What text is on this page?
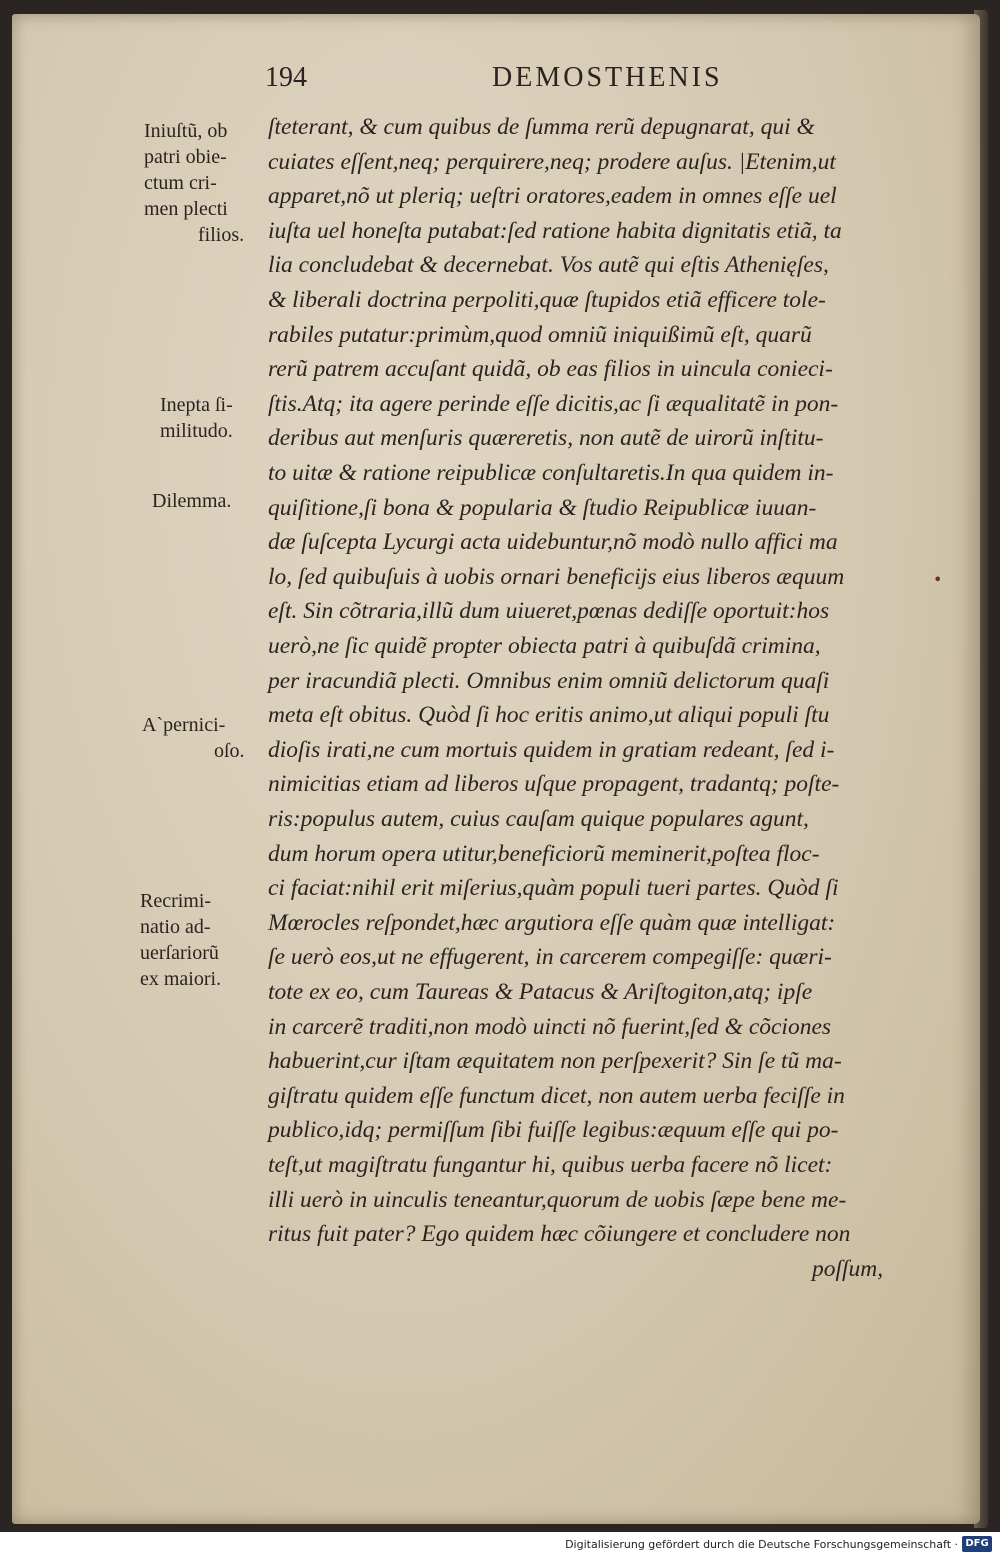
194	DEMOSTHENIS
ſteterant, & cum quibus de ſumma rerũ depugnarat, qui &
cuiates eſſent,neq; perquirere,neq; prodere auſus. |Etenim,ut
apparet,nõ ut pleriq; ueſtri oratores,eadem in omnes eſſe uel
iuſta uel honeſta putabat:ſed ratione habita dignitatis etiã, ta
lia concludebat & decernebat. Vos autẽ qui eſtis Athenięſes,
& liberali doctrina perpoliti,quæ ſtupidos etiã efficere tole-
rabiles putatur:primùm,quod omniũ iniquißimũ eſt, quarũ
rerũ patrem accuſant quidã, ob eas filios in uincula conieci-
ſtis.Atq; ita agere perinde eſſe dicitis,ac ſi æqualitatẽ in pon-
deribus aut menſuris quæreretis, non autẽ de uirorũ inſtitu-
to uitæ & ratione reipublicæ conſultaretis.In qua quidem in-
quiſitione,ſi bona & popularia & ſtudio Reipublicæ iuuan-
dæ ſuſcepta Lycurgi acta uidebuntur,nõ modò nullo affici ma
lo, ſed quibuſuis à uobis ornari beneficijs eius liberos æquum
eſt. Sin cõtraria,illũ dum uiueret,pœnas dediſſe oportuit:hos
uerò,ne ſic quidẽ propter obiecta patri à quibuſdã crimina,
per iracundiã plecti. Omnibus enim omniũ delictorum quaſi
meta eſt obitus. Quòd ſi hoc eritis animo,ut aliqui populi ſtu
dioſis irati,ne cum mortuis quidem in gratiam redeant, ſed i-
nimicitias etiam ad liberos uſque propagent, tradantq; poſte-
ris:populus autem, cuius cauſam quique populares agunt,
dum horum opera utitur,beneficiorũ meminerit,poſtea floc-
ci faciat:nihil erit miſerius,quàm populi tueri partes. Quòd ſi
Mœrocles reſpondet,hæc argutiora eſſe quàm quæ intelligat:
ſe uerò eos,ut ne effugerent, in carcerem compegiſſe: quæri-
tote ex eo, cum Taureas & Patacus & Ariſtogiton,atq; ipſe
in carcerẽ traditi,non modò uincti nõ fuerint,ſed & cõciones
habuerint,cur iſtam æquitatem non perſpexerit? Sin ſe tũ ma-
giſtratu quidem eſſe functum dicet, non autem uerba feciſſe in
publico,idq; permiſſum ſibi fuiſſe legibus:æquum eſſe qui po-
teſt,ut magiſtratu fungantur hi, quibus uerba facere nõ licet:
illi uerò in uinculis teneantur,quorum de uobis ſæpe bene me-
ritus fuit pater? Ego quidem hæc cõiungere et concludere non
poſſum,
Iniuſtũ, ob
patri obie-
ctum cri-
men plecti
filios.
Inepta ſi-
militudo.
Dilemma.
A`pernici-
oſo.
Recrimi-
natio ad-
uerſariorũ
ex maiori.
•
Digitalisierung gefördert durch die Deutsche Forschungsgemeinschaft · DFG
